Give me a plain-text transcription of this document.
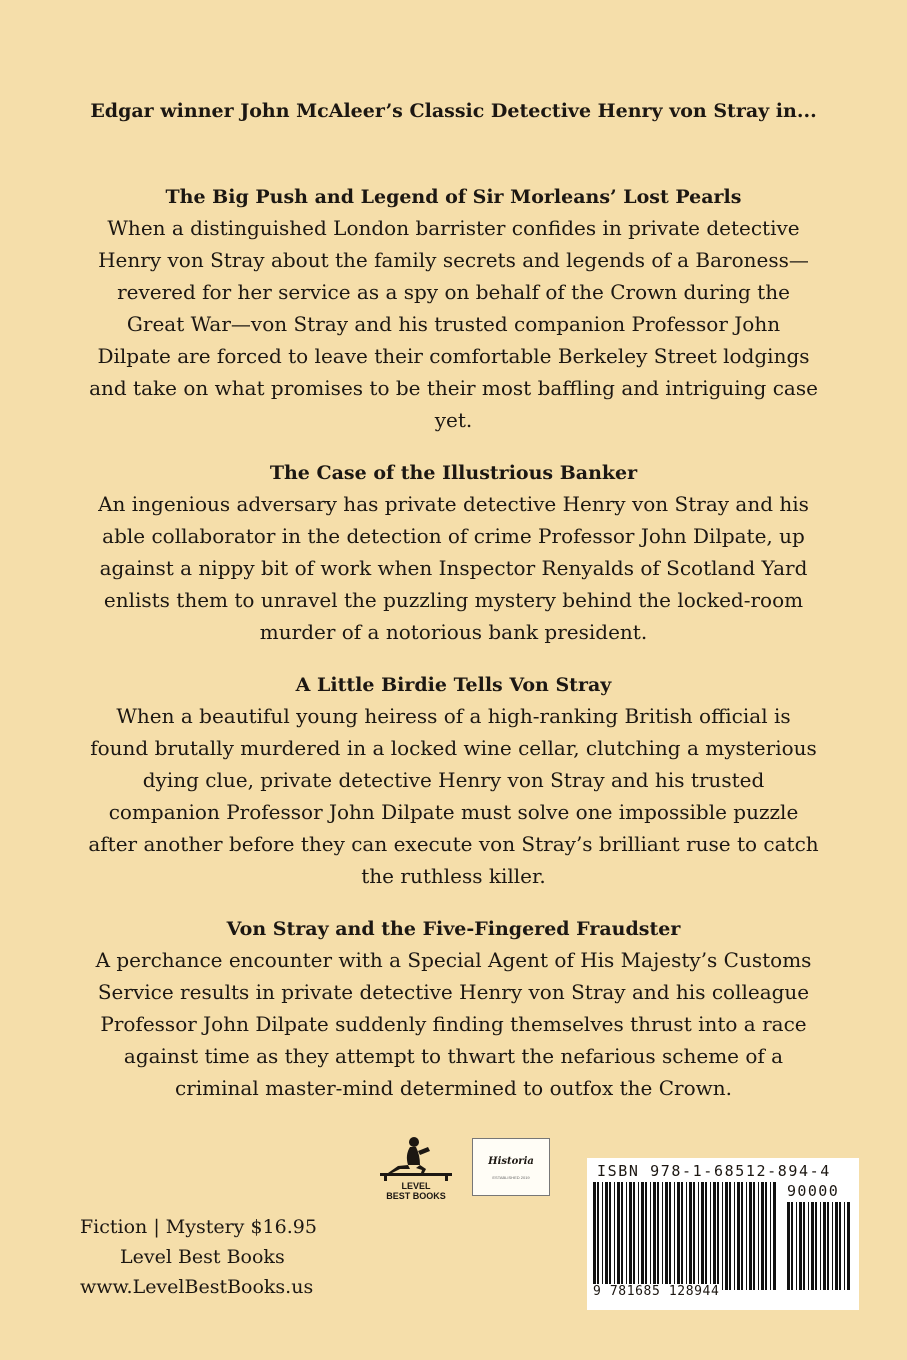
Edgar winner John McAleer’s Classic Detective Henry von Stray in...
The Big Push and Legend of Sir Morleans’ Lost Pearls
When a distinguished London barrister confides in private detective Henry von Stray about the family secrets and legends of a Baroness—revered for her service as a spy on behalf of the Crown during the Great War—von Stray and his trusted companion Professor John Dilpate are forced to leave their comfortable Berkeley Street lodgings and take on what promises to be their most baffling and intriguing case yet.
The Case of the Illustrious Banker
An ingenious adversary has private detective Henry von Stray and his able collaborator in the detection of crime Professor John Dilpate, up against a nippy bit of work when Inspector Renyalds of Scotland Yard enlists them to unravel the puzzling mystery behind the locked-room murder of a notorious bank president.
A Little Birdie Tells Von Stray
When a beautiful young heiress of a high-ranking British official is found brutally murdered in a locked wine cellar, clutching a mysterious dying clue, private detective Henry von Stray and his trusted companion Professor John Dilpate must solve one impossible puzzle after another before they can execute von Stray’s brilliant ruse to catch the ruthless killer.
Von Stray and the Five-Fingered Fraudster
A perchance encounter with a Special Agent of His Majesty’s Customs Service results in private detective Henry von Stray and his colleague Professor John Dilpate suddenly finding themselves thrust into a race against time as they attempt to thwart the nefarious scheme of a criminal master-mind determined to outfox the Crown.
LEVEL
BEST BOOKS
Historia
ESTABLISHED 2019
Fiction | Mystery $16.95
Level Best Books
www.LevelBestBooks.us
ISBN 978-1-68512-894-4
90000
9 781685 128944
